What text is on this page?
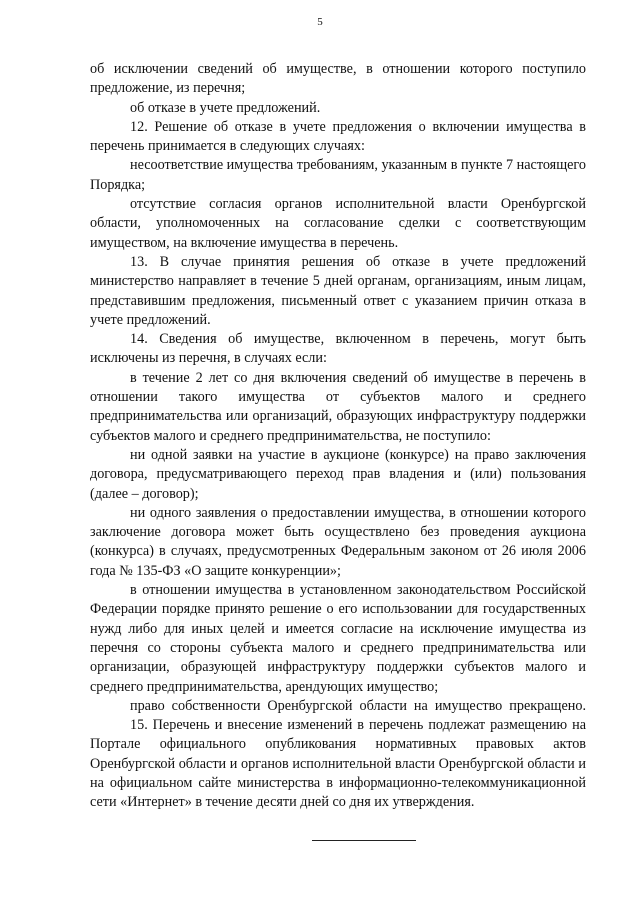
5

об исключении сведений об имуществе, в отношении которого поступило предложение, из перечня;

об отказе в учете предложений.

12. Решение об отказе в учете предложения о включении имущества в перечень принимается в следующих случаях:

несоответствие имущества требованиям, указанным в пункте 7 настоящего Порядка;

отсутствие согласия органов исполнительной власти Оренбургской области, уполномоченных на согласование сделки с соответствующим имуществом, на включение имущества в перечень.

13. В случае принятия решения об отказе в учете предложений министерство направляет в течение 5 дней органам, организациям, иным лицам, представившим предложения, письменный ответ с указанием причин отказа в учете предложений.

14. Сведения об имуществе, включенном в перечень, могут быть исключены из перечня, в случаях если:

в течение 2 лет со дня включения сведений об имуществе в перечень в отношении такого имущества от субъектов малого и среднего предпринимательства или организаций, образующих инфраструктуру поддержки субъектов малого и среднего предпринимательства, не поступило:

ни одной заявки на участие в аукционе (конкурсе) на право заключения договора, предусматривающего переход прав владения и (или) пользования (далее – договор);

ни одного заявления о предоставлении имущества, в отношении которого заключение договора может быть осуществлено без проведения аукциона (конкурса) в случаях, предусмотренных Федеральным законом от 26 июля 2006 года № 135-ФЗ «О защите конкуренции»;

в отношении имущества в установленном законодательством Российской Федерации порядке принято решение о его использовании для государственных нужд либо для иных целей и имеется согласие на исключение имущества из перечня со стороны субъекта малого и среднего предпринимательства или организации, образующей инфраструктуру поддержки субъектов малого и среднего предпринимательства, арендующих имущество;

право собственности Оренбургской области на имущество прекращено.

15. Перечень и внесение изменений в перечень подлежат размещению на Портале официального опубликования нормативных правовых актов Оренбургской области и органов исполнительной власти Оренбургской области и на официальном сайте министерства в информационно-телекоммуникационной сети «Интернет» в течение десяти дней со дня их утверждения.
